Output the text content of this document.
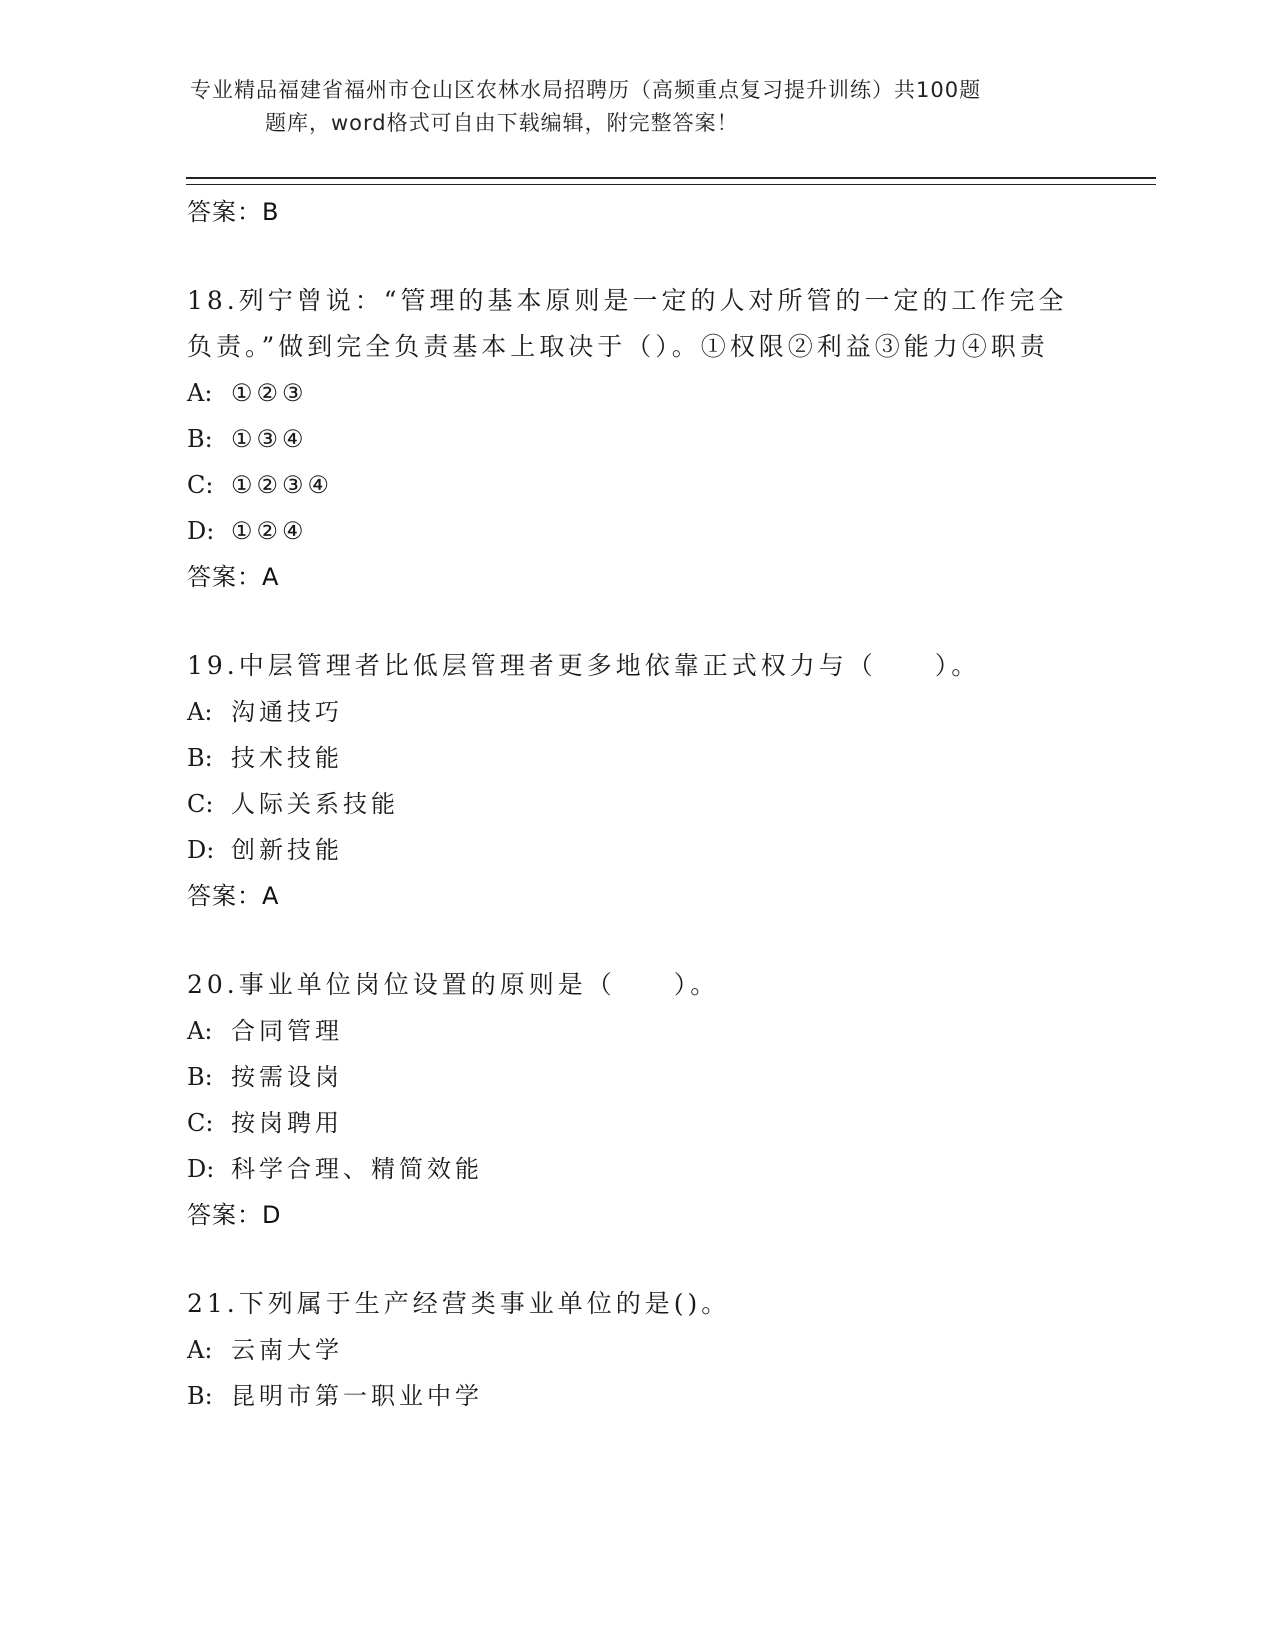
专业精品福建省福州市仓山区农林水局招聘历（高频重点复习提升训练）共100题
题库，word格式可自由下载编辑，附完整答案！
答案：B
18.列宁曾说：“管理的基本原则是一定的人对所管的一定的工作完全负责。”做到完全负责基本上取决于（）。①权限②利益③能力④职责
A: ①②③
B: ①③④
C: ①②③④
D: ①②④
答案：A
19.中层管理者比低层管理者更多地依靠正式权力与（　　）。
A: 沟通技巧
B: 技术技能
C: 人际关系技能
D: 创新技能
答案：A
20.事业单位岗位设置的原则是（　　）。
A: 合同管理
B: 按需设岗
C: 按岗聘用
D: 科学合理、精简效能
答案：D
21.下列属于生产经营类事业单位的是()。
A: 云南大学
B: 昆明市第一职业中学
